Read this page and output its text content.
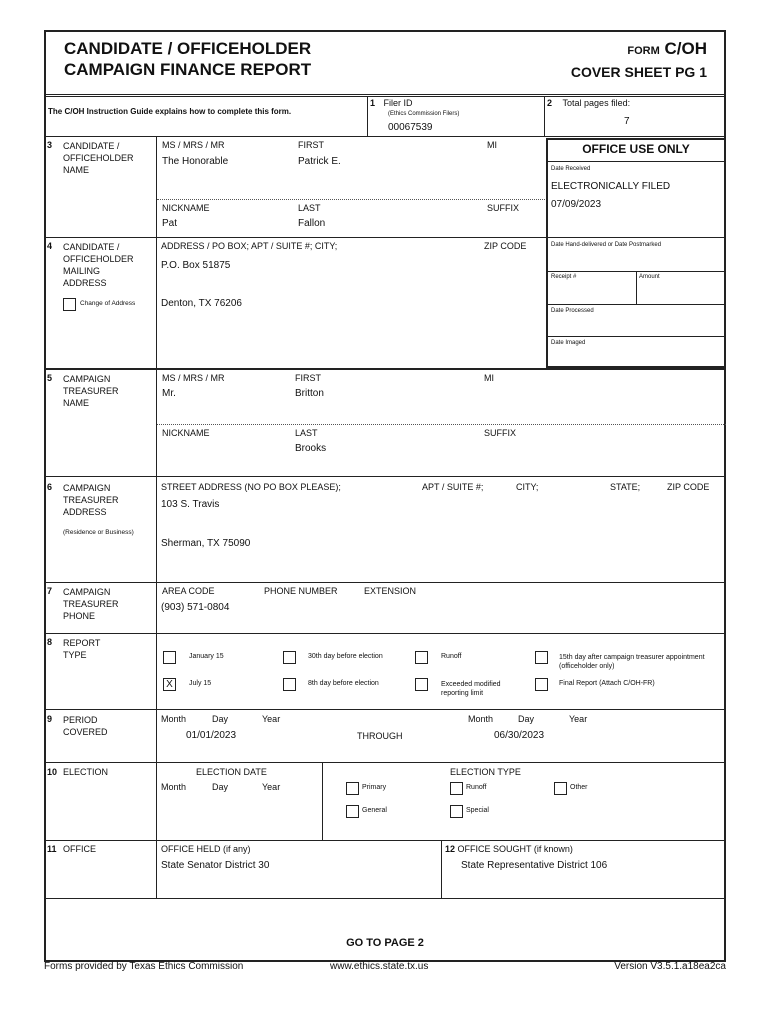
CANDIDATE / OFFICEHOLDER
CAMPAIGN FINANCE REPORT
FORM C/OH
COVER SHEET PG 1
The C/OH Instruction Guide explains how to complete this form.
1 Filer ID
(Ethics Commission Filers)
00067539
2 Total pages filed:
7
OFFICE USE ONLY
Date Received
ELECTRONICALLY FILED
07/09/2023
Date Hand-delivered or Date Postmarked
Receipt #	Amount
Date Processed
Date Imaged
3 CANDIDATE /
OFFICEHOLDER
NAME
MS / MRS / MR
The Honorable
FIRST
Patrick E.
MI
NICKNAME
Pat
LAST
Fallon
SUFFIX
4 CANDIDATE /
OFFICEHOLDER
MAILING
ADDRESS
Change of Address
ADDRESS / PO BOX; APT / SUITE #; CITY;	ZIP CODE
P.O. Box 51875
Denton, TX 76206
5 CAMPAIGN
TREASURER
NAME
MS / MRS / MR
Mr.
FIRST
Britton
MI
NICKNAME	LAST
Brooks
SUFFIX
6 CAMPAIGN
TREASURER
ADDRESS
(Residence or Business)
STREET ADDRESS (NO PO BOX PLEASE);	APT / SUITE #;	CITY;	STATE;	ZIP CODE
103 S. Travis
Sherman, TX 75090
7 CAMPAIGN
TREASURER
PHONE
AREA CODE	PHONE NUMBER	EXTENSION
(903) 571-0804
8 REPORT
TYPE	January 15	30th day before election	Runoff	15th day after campaign treasurer appointment (officeholder only)
X	July 15	8th day before election	Exceeded modified reporting limit
Final Report (Attach C/OH-FR)
9 PERIOD
COVERED
Month	Day	Year
01/01/2023	THROUGH
Month	Day	Year
06/30/2023
10 ELECTION	ELECTION DATE
Month	Day	Year
ELECTION TYPE
Primary
General
Runoff
Special
Other
11 OFFICE	OFFICE HELD (if any)
State Senator District 30
12 OFFICE SOUGHT (if known)
State Representative District 106
GO TO PAGE 2
Forms provided by Texas Ethics Commission	www.ethics.state.tx.us	Version V3.5.1.a18ea2ca
